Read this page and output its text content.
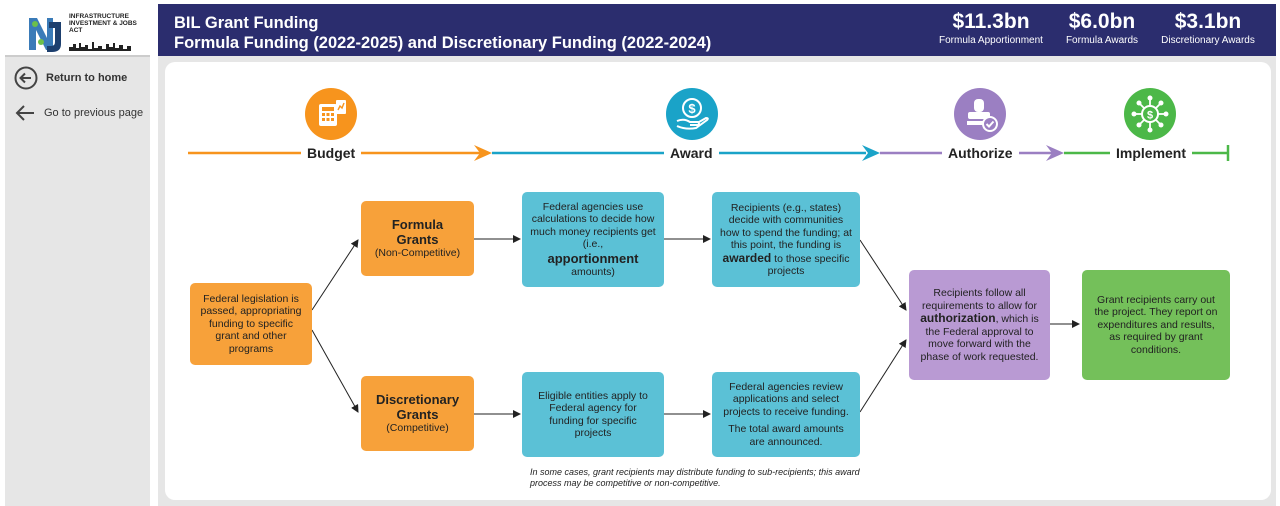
INFRASTRUCTURE INVESTMENT & JOBS ACT
Return to home
Go to previous page
BIL Grant Funding
Formula Funding (2022-2025) and Discretionary Funding (2022-2024)
$11.3bn
Formula Apportionment
$6.0bn
Formula Awards
$3.1bn
Discretionary Awards
$	$
Budget	Award	Authorize	Implement
Federal legislation is passed, appropriating funding to specific grant and other programs
Formula Grants
(Non-Competitive)
Discretionary Grants
(Competitive)
Federal agencies use calculations to decide how much money recipients get (i.e.,
apportionment
amounts)
Recipients (e.g., states) decide with communities how to spend the funding; at this point, the funding is awarded to those specific projects
Eligible entities apply to Federal agency for funding for specific projects
Federal agencies review applications and select projects to receive funding.
The total award amounts are announced.
Recipients follow all requirements to allow for authorization, which is the Federal approval to move forward with the phase of work requested.
Grant recipients carry out the project. They report on expenditures and results, as required by grant conditions.
In some cases, grant recipients may distribute funding to sub-recipients; this award process may be competitive or non-competitive.
